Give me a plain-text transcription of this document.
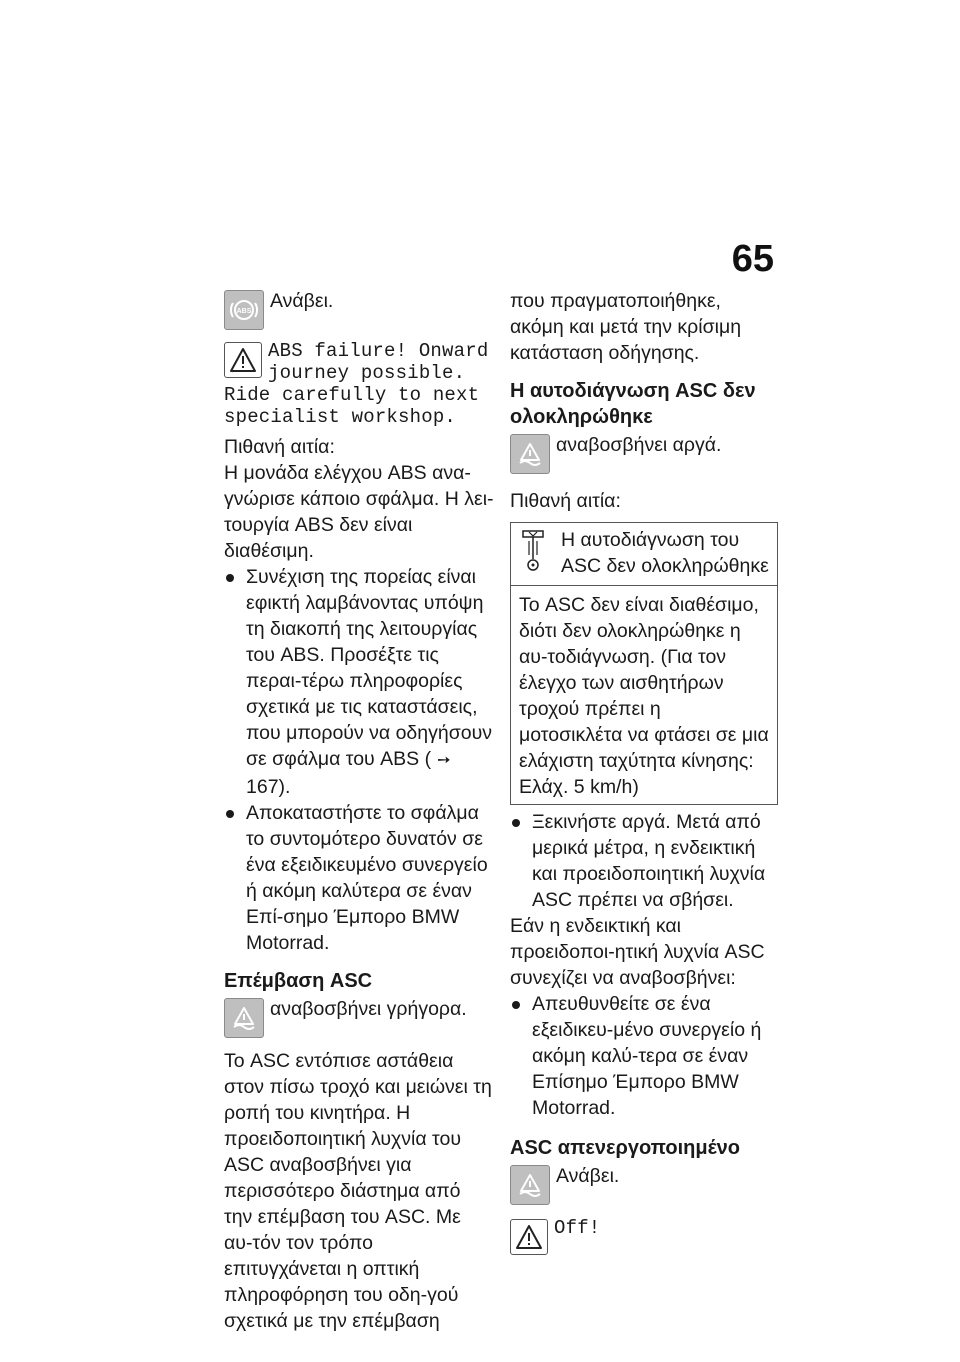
65
ABS Ανάβει.
ABS failure! Onward
journey possible.
Ride carefully to next
specialist workshop.

Πιθανή αιτία:

Η μονάδα ελέγχου ABS ανα-γνώρισε κάποιο σφάλμα. Η λει-τουργία ABS δεν είναι διαθέσιμη.

Συνέχιση της πορείας είναι εφικτή λαμβάνοντας υπόψη τη διακοπή της λειτουργίας του ABS. Προσέξτε τις περαι-τέρω πληροφορίες σχετικά με τις καταστάσεις, που μπορούν να οδηγήσουν σε σφάλμα του ABS ( ➙167).
Αποκαταστήστε το σφάλμα το συντομότερο δυνατόν σε ένα εξειδικευμένο συνεργείο ή ακόμη καλύτερα σε έναν Επί-σημο Έμπορο BMW Motorrad.
Επέμβαση ASC
αναβοσβήνει γρήγορα.

Το ASC εντόπισε αστάθεια στον πίσω τροχό και μειώνει τη ροπή του κινητήρα. Η προειδοποιητική λυχνία του ASC αναβοσβήνει για περισσότερο διάστημα από την επέμβαση του ASC. Με αυ-τόν τον τρόπο επιτυγχάνεται η οπτική πληροφόρηση του οδη-γού σχετικά με την επέμβαση

που πραγματοποιήθηκε, ακόμη και μετά την κρίσιμη κατάσταση οδήγησης.

Η αυτοδιάγνωση ASC δεν ολοκληρώθηκε
αναβοσβήνει αργά.

Πιθανή αιτία:

Η αυτοδιάγνωση του ASC δεν ολοκληρώθηκε
Το ASC δεν είναι διαθέσιμο, διότι δεν ολοκληρώθηκε η αυ-τοδιάγνωση. (Για τον έλεγχο των αισθητήρων τροχού πρέπει η μοτοσικλέτα να φτάσει σε μια ελάχιστη ταχύτητα κίνησης: Ελάχ. 5 km/h)
Ξεκινήστε αργά. Μετά από μερικά μέτρα, η ενδεικτική και προειδοποιητική λυχνία ASC πρέπει να σβήσει.

Εάν η ενδεικτική και προειδοποι-ητική λυχνία ASC συνεχίζει να αναβοσβήνει:

Απευθυνθείτε σε ένα εξειδικευ-μένο συνεργείο ή ακόμη καλύ-τερα σε έναν Επίσημο Έμπορο BMW Motorrad.
ASC απενεργοποιημένο
Ανάβει.
Off!
